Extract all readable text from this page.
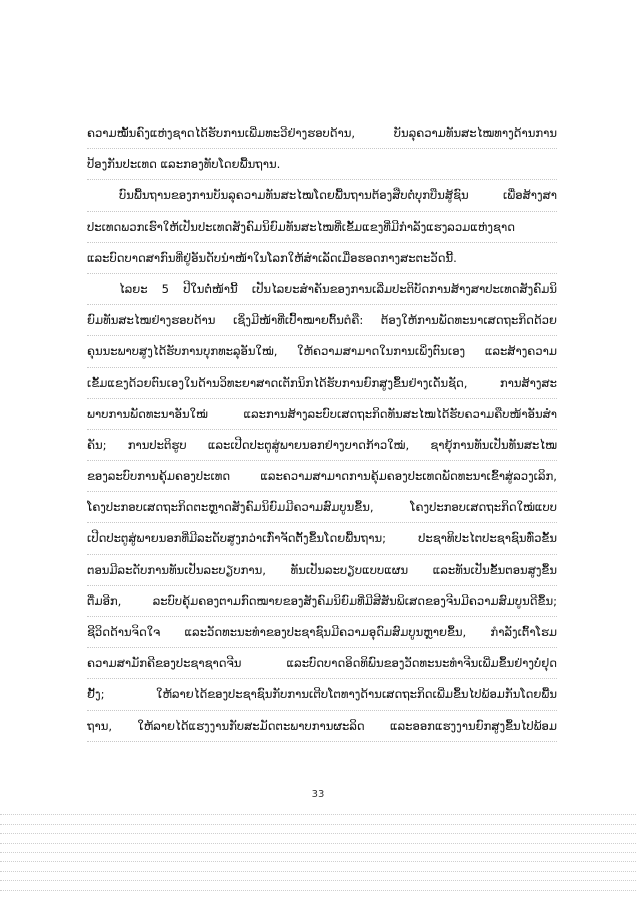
ຄວາມໝັ້ນຄົງແຫ່ງຊາດໄດ້ຮັບການເພີ່ມທະວີຢ່າງຮອບດ້ານ, ບັນລຸຄວາມທັນສະໄໝທາງດ້ານການ
ປ້ອງກັນປະເທດ ແລະກອງທັບໂດຍພື້ນຖານ.
ບົນພື້ນຖານຂອງການບັນລຸຄວາມທັນສະໄໝໂດຍພື້ນຖານຕ້ອງສືບຕໍ່ບຸກບືນສູ້ຊົນ ເພື່ອສ້າງສາ
ປະເທດພວກເຮົາໃຫ້ເປັນປະເທດສັງຄົມນິຍົມທັນສະໄໝທີ່ເຂັ້ມແຂງທີ່ມີກຳລັງແຮງລວມແຫ່ງຊາດ
ແລະບົດບາດສາກົນທີ່ຢູ່ອັນດັບນຳໜ້າໃນໂລກໃຫ້ສຳເລັດເມື່ອຮອດກາງສະຕະວັດນີ້.
ໄລຍະ 5 ປີໃນຕໍ່ໜ້ານີ້ ເປັນໄລຍະສຳຄັນຂອງການເລີ່ມປະຕິບັດການສ້າງສາປະເທດສັງຄົມນິ
ຍົມທັນສະໄໝຢ່າງຮອບດ້ານ ເຊິ່ງມີໜ້າທີ່ເປົ້າໝາຍຕົ້ນຕໍຄື: ຕ້ອງໃຫ້ການພັດທະນາເສດຖະກິດດ້ວຍ
ຄຸນນະພາບສູງໄດ້ຮັບການບຸກທະລຸອັນໃໝ່, ໃຫ້ຄວາມສາມາດໃນການເພິ່ງຕົນເອງ ແລະສ້າງຄວາມ
ເຂັ້ມແຂງດ້ວຍຕົນເອງໃນດ້ານວິທະຍາສາດເຕັກນິກໄດ້ຮັບການຍົກສູງຂຶ້ນຢ່າງເດັ່ນຊັດ, ການສ້າງສະ
ພາບການພັດທະນາອັນໃໝ່ ແລະການສ້າງລະບົບເສດຖະກິດທັນສະໄໝໄດ້ຮັບຄວາມຄືບໜ້າອັນສຳ
ຄັນ; ການປະຕິຮູບ ແລະເປີດປະຕູສູ່ພາຍນອກຢ່າງບາດກ້າວໃໝ່, ຊາຍຸ້ການທັນເປັນທັນສະໄໝ
ຂອງລະບົບການຄຸ້ມຄອງປະເທດ ແລະຄວາມສາມາດການຄຸ້ມຄອງປະເທດພັດທະນາເຂົ້າສູ່ລວງເລິກ,
ໂຄງປະກອບເສດຖະກິດຕະຫຼາດສັງຄົມນິຍົມມີຄວາມສົມບູນຂຶ້ນ, ໂຄງປະກອບເສດຖະກິດໃໝ່ແບບ
ເປີດປະຕູສູ່ພາຍນອກທີ່ມີລະດັບສູງກວ່າເກົ່າຈັດຕັ້ງຂຶ້ນໂດຍພື້ນຖານ; ປະຊາທິປະໄຕປະຊາຊົນທົ່ວຂັ້ນ
ຕອນມີລະດັບການທັນເປັນລະບຽບການ, ທັນເປັນລະບຽບແບບແຜນ ແລະທັນເປັນຂັ້ນຕອນສູງຂຶ້ນ
ຕື່ມອີກ, ລະບົບຄຸ້ມຄອງຕາມກົດໝາຍຂອງສັງຄົມນິຍົມທີ່ມີສີສັນພິເສດຂອງຈີນມີຄວາມສົມບູນດີຂຶ້ນ;
ຊີວິດດ້ານຈິດໃຈ ແລະວັດທະນະທຳຂອງປະຊາຊົນມີຄວາມອຸດົມສົມບູນຫຼາຍຂຶ້ນ, ກຳລັງເຕົ້າໂຮມ
ຄວາມສາມັກຄີຂອງປະຊາຊາດຈີນ ແລະບົດບາດອິດທິພົນຂອງວັດທະນະທຳຈີນເພີ່ມຂຶ້ນຢ່າງບໍ່ຢຸດ
ຢັ້ງ; ໃຫ້ລາຍໄດ້ຂອງປະຊາຊົນກັບການເຕີບໂຕທາງດ້ານເສດຖະກິດເພີ່ມຂຶ້ນໄປພ້ອມກັນໂດຍພື້ນ
ຖານ, ໃຫ້ລາຍໄດ້ແຮງງານກັບສະມັດຕະພາບການຜະລິດ ແລະອອກແຮງງານຍົກສູງຂຶ້ນໄປພ້ອມ
33
